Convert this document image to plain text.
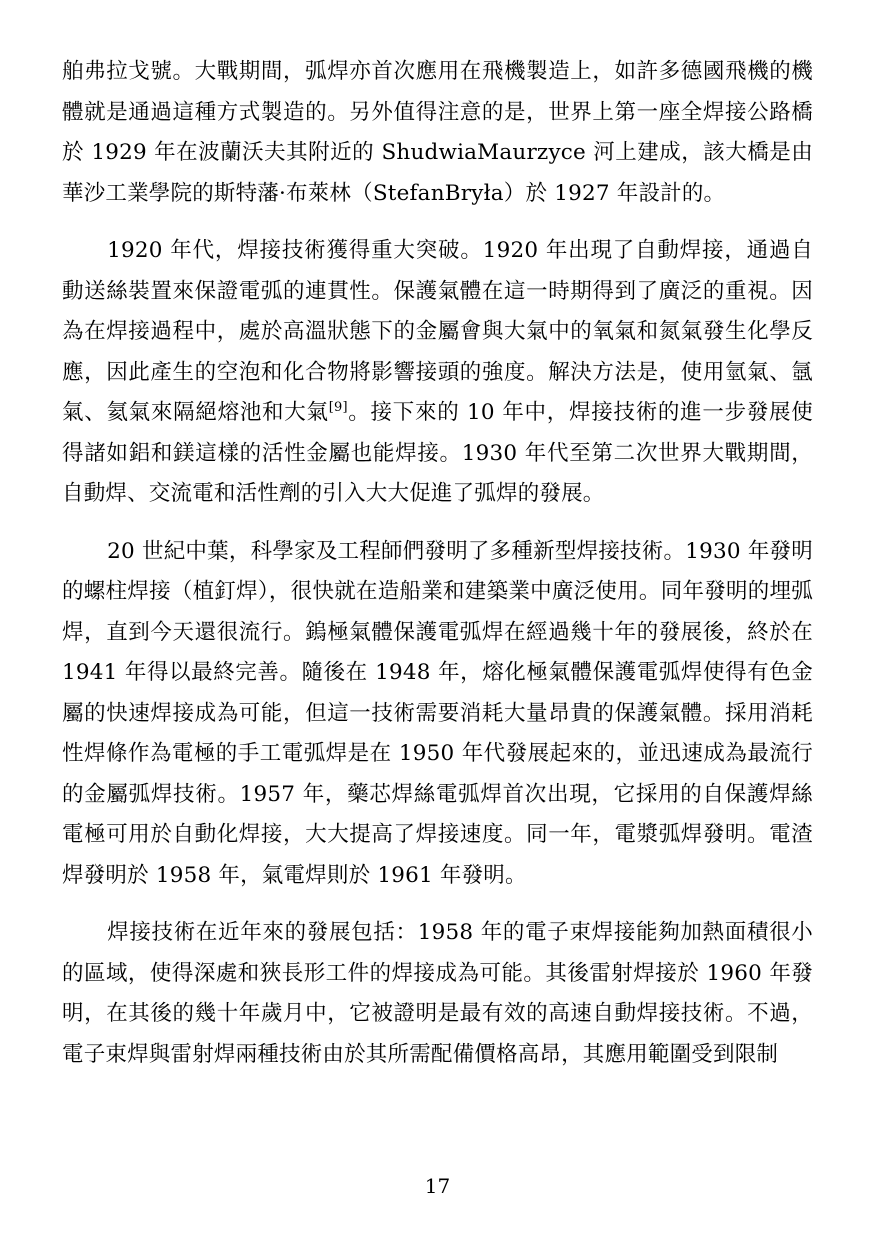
舶弗拉戈號。大戰期間，弧焊亦首次應用在飛機製造上，如許多德國飛機的機體就是通過這種方式製造的。另外值得注意的是，世界上第一座全焊接公路橋於 1929 年在波蘭沃夫其附近的 ShudwiaMaurzyce 河上建成，該大橋是由華沙工業學院的斯特藩·布萊林（StefanBryła）於 1927 年設計的。

1920 年代，焊接技術獲得重大突破。1920 年出現了自動焊接，通過自動送絲裝置來保證電弧的連貫性。保護氣體在這一時期得到了廣泛的重視。因為在焊接過程中，處於高溫狀態下的金屬會與大氣中的氧氣和氮氣發生化學反應，因此產生的空泡和化合物將影響接頭的強度。解決方法是，使用氫氣、氬氣、氦氣來隔絕熔池和大氣[9]。接下來的 10 年中，焊接技術的進一步發展使得諸如鋁和鎂這樣的活性金屬也能焊接。1930 年代至第二次世界大戰期間，自動焊、交流電和活性劑的引入大大促進了弧焊的發展。

20 世紀中葉，科學家及工程師們發明了多種新型焊接技術。1930 年發明的螺柱焊接（植釘焊），很快就在造船業和建築業中廣泛使用。同年發明的埋弧焊，直到今天還很流行。鎢極氣體保護電弧焊在經過幾十年的發展後，終於在 1941 年得以最終完善。隨後在 1948 年，熔化極氣體保護電弧焊使得有色金屬的快速焊接成為可能，但這一技術需要消耗大量昂貴的保護氣體。採用消耗性焊條作為電極的手工電弧焊是在 1950 年代發展起來的，並迅速成為最流行的金屬弧焊技術。1957 年，藥芯焊絲電弧焊首次出現，它採用的自保護焊絲電極可用於自動化焊接，大大提高了焊接速度。同一年，電漿弧焊發明。電渣焊發明於 1958 年，氣電焊則於 1961 年發明。

焊接技術在近年來的發展包括：1958 年的電子束焊接能夠加熱面積很小的區域，使得深處和狹長形工件的焊接成為可能。其後雷射焊接於 1960 年發明，在其後的幾十年歲月中，它被證明是最有效的高速自動焊接技術。不過，電子束焊與雷射焊兩種技術由於其所需配備價格高昂，其應用範圍受到限制

17
